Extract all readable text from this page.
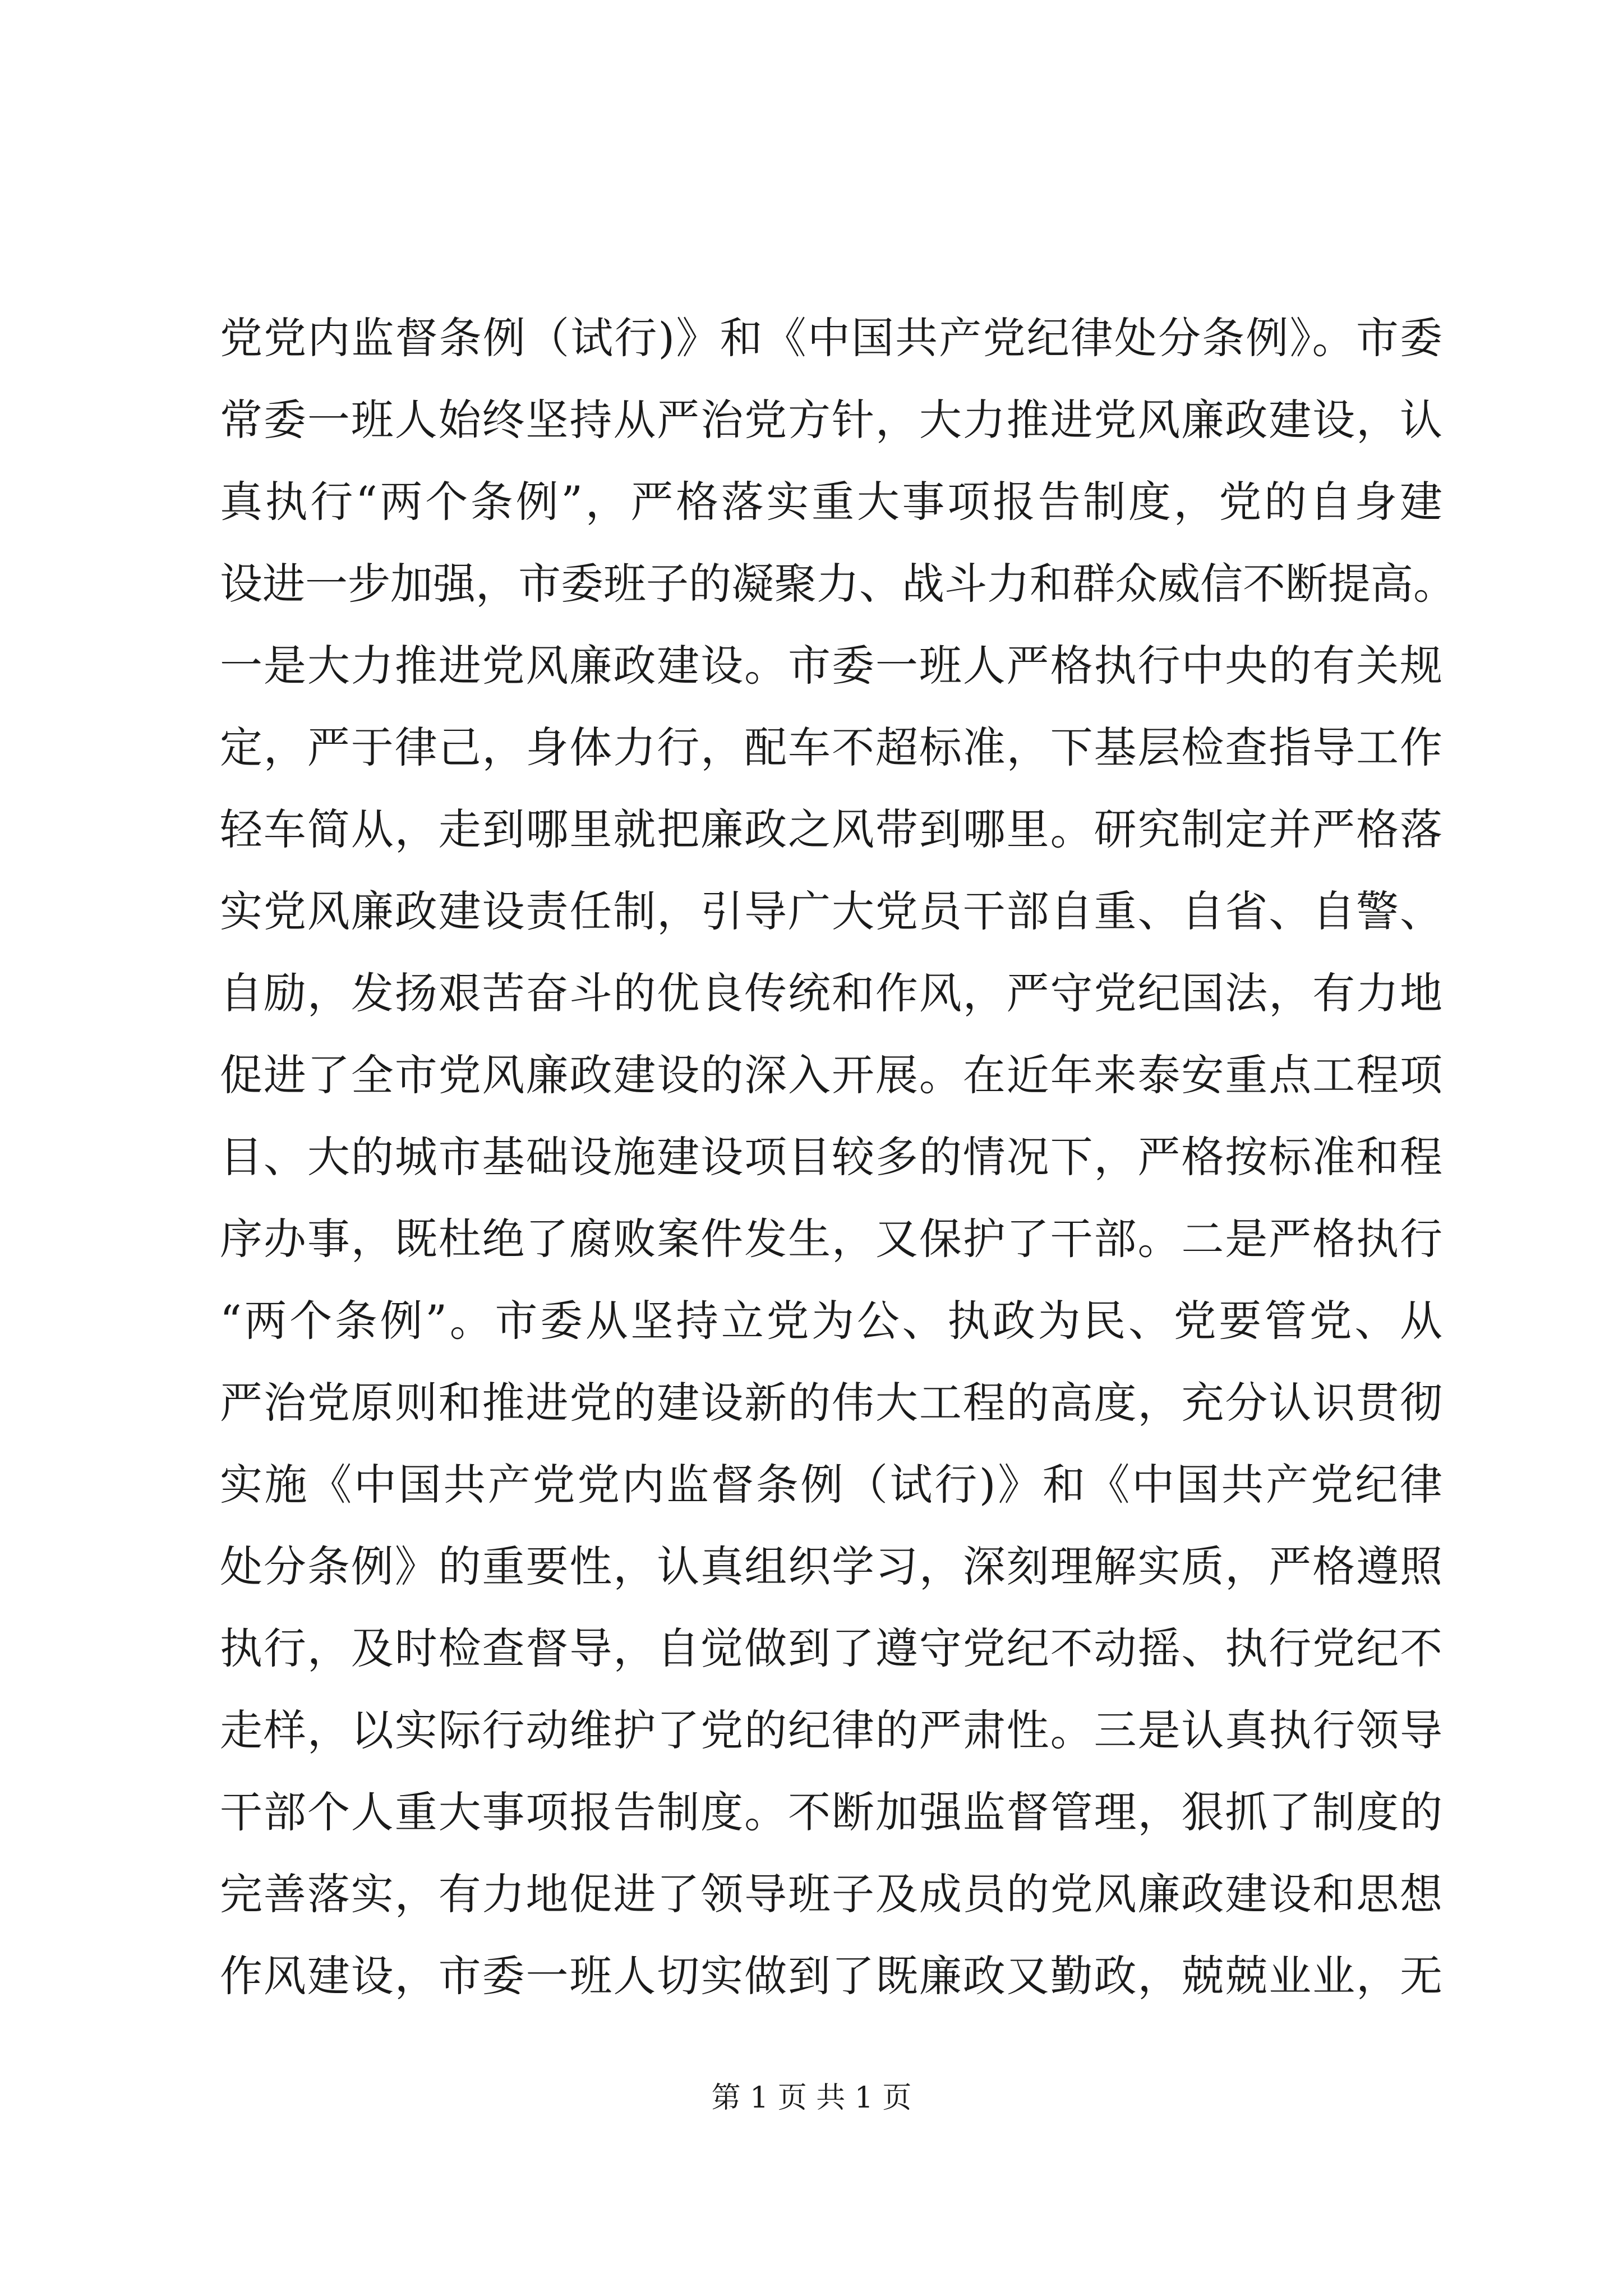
党党内监督条例（试行)》和《中国共产党纪律处分条例》。市委
常委一班人始终坚持从严治党方针，大力推进党风廉政建设，认
真执行“两个条例”，严格落实重大事项报告制度，党的自身建
设进一步加强，市委班子的凝聚力、战斗力和群众威信不断提高。
一是大力推进党风廉政建设。市委一班人严格执行中央的有关规
定，严于律己，身体力行，配车不超标准，下基层检查指导工作
轻车简从，走到哪里就把廉政之风带到哪里。研究制定并严格落
实党风廉政建设责任制，引导广大党员干部自重、自省、自警、
自励，发扬艰苦奋斗的优良传统和作风，严守党纪国法，有力地
促进了全市党风廉政建设的深入开展。在近年来泰安重点工程项
目、大的城市基础设施建设项目较多的情况下，严格按标准和程
序办事，既杜绝了腐败案件发生，又保护了干部。二是严格执行
“两个条例”。市委从坚持立党为公、执政为民、党要管党、从
严治党原则和推进党的建设新的伟大工程的高度，充分认识贯彻
实施《中国共产党党内监督条例（试行)》和《中国共产党纪律
处分条例》的重要性，认真组织学习，深刻理解实质，严格遵照
执行，及时检查督导，自觉做到了遵守党纪不动摇、执行党纪不
走样，以实际行动维护了党的纪律的严肃性。三是认真执行领导
干部个人重大事项报告制度。不断加强监督管理，狠抓了制度的
完善落实，有力地促进了领导班子及成员的党风廉政建设和思想
作风建设，市委一班人切实做到了既廉政又勤政，兢兢业业，无
第 1 页 共 1 页
